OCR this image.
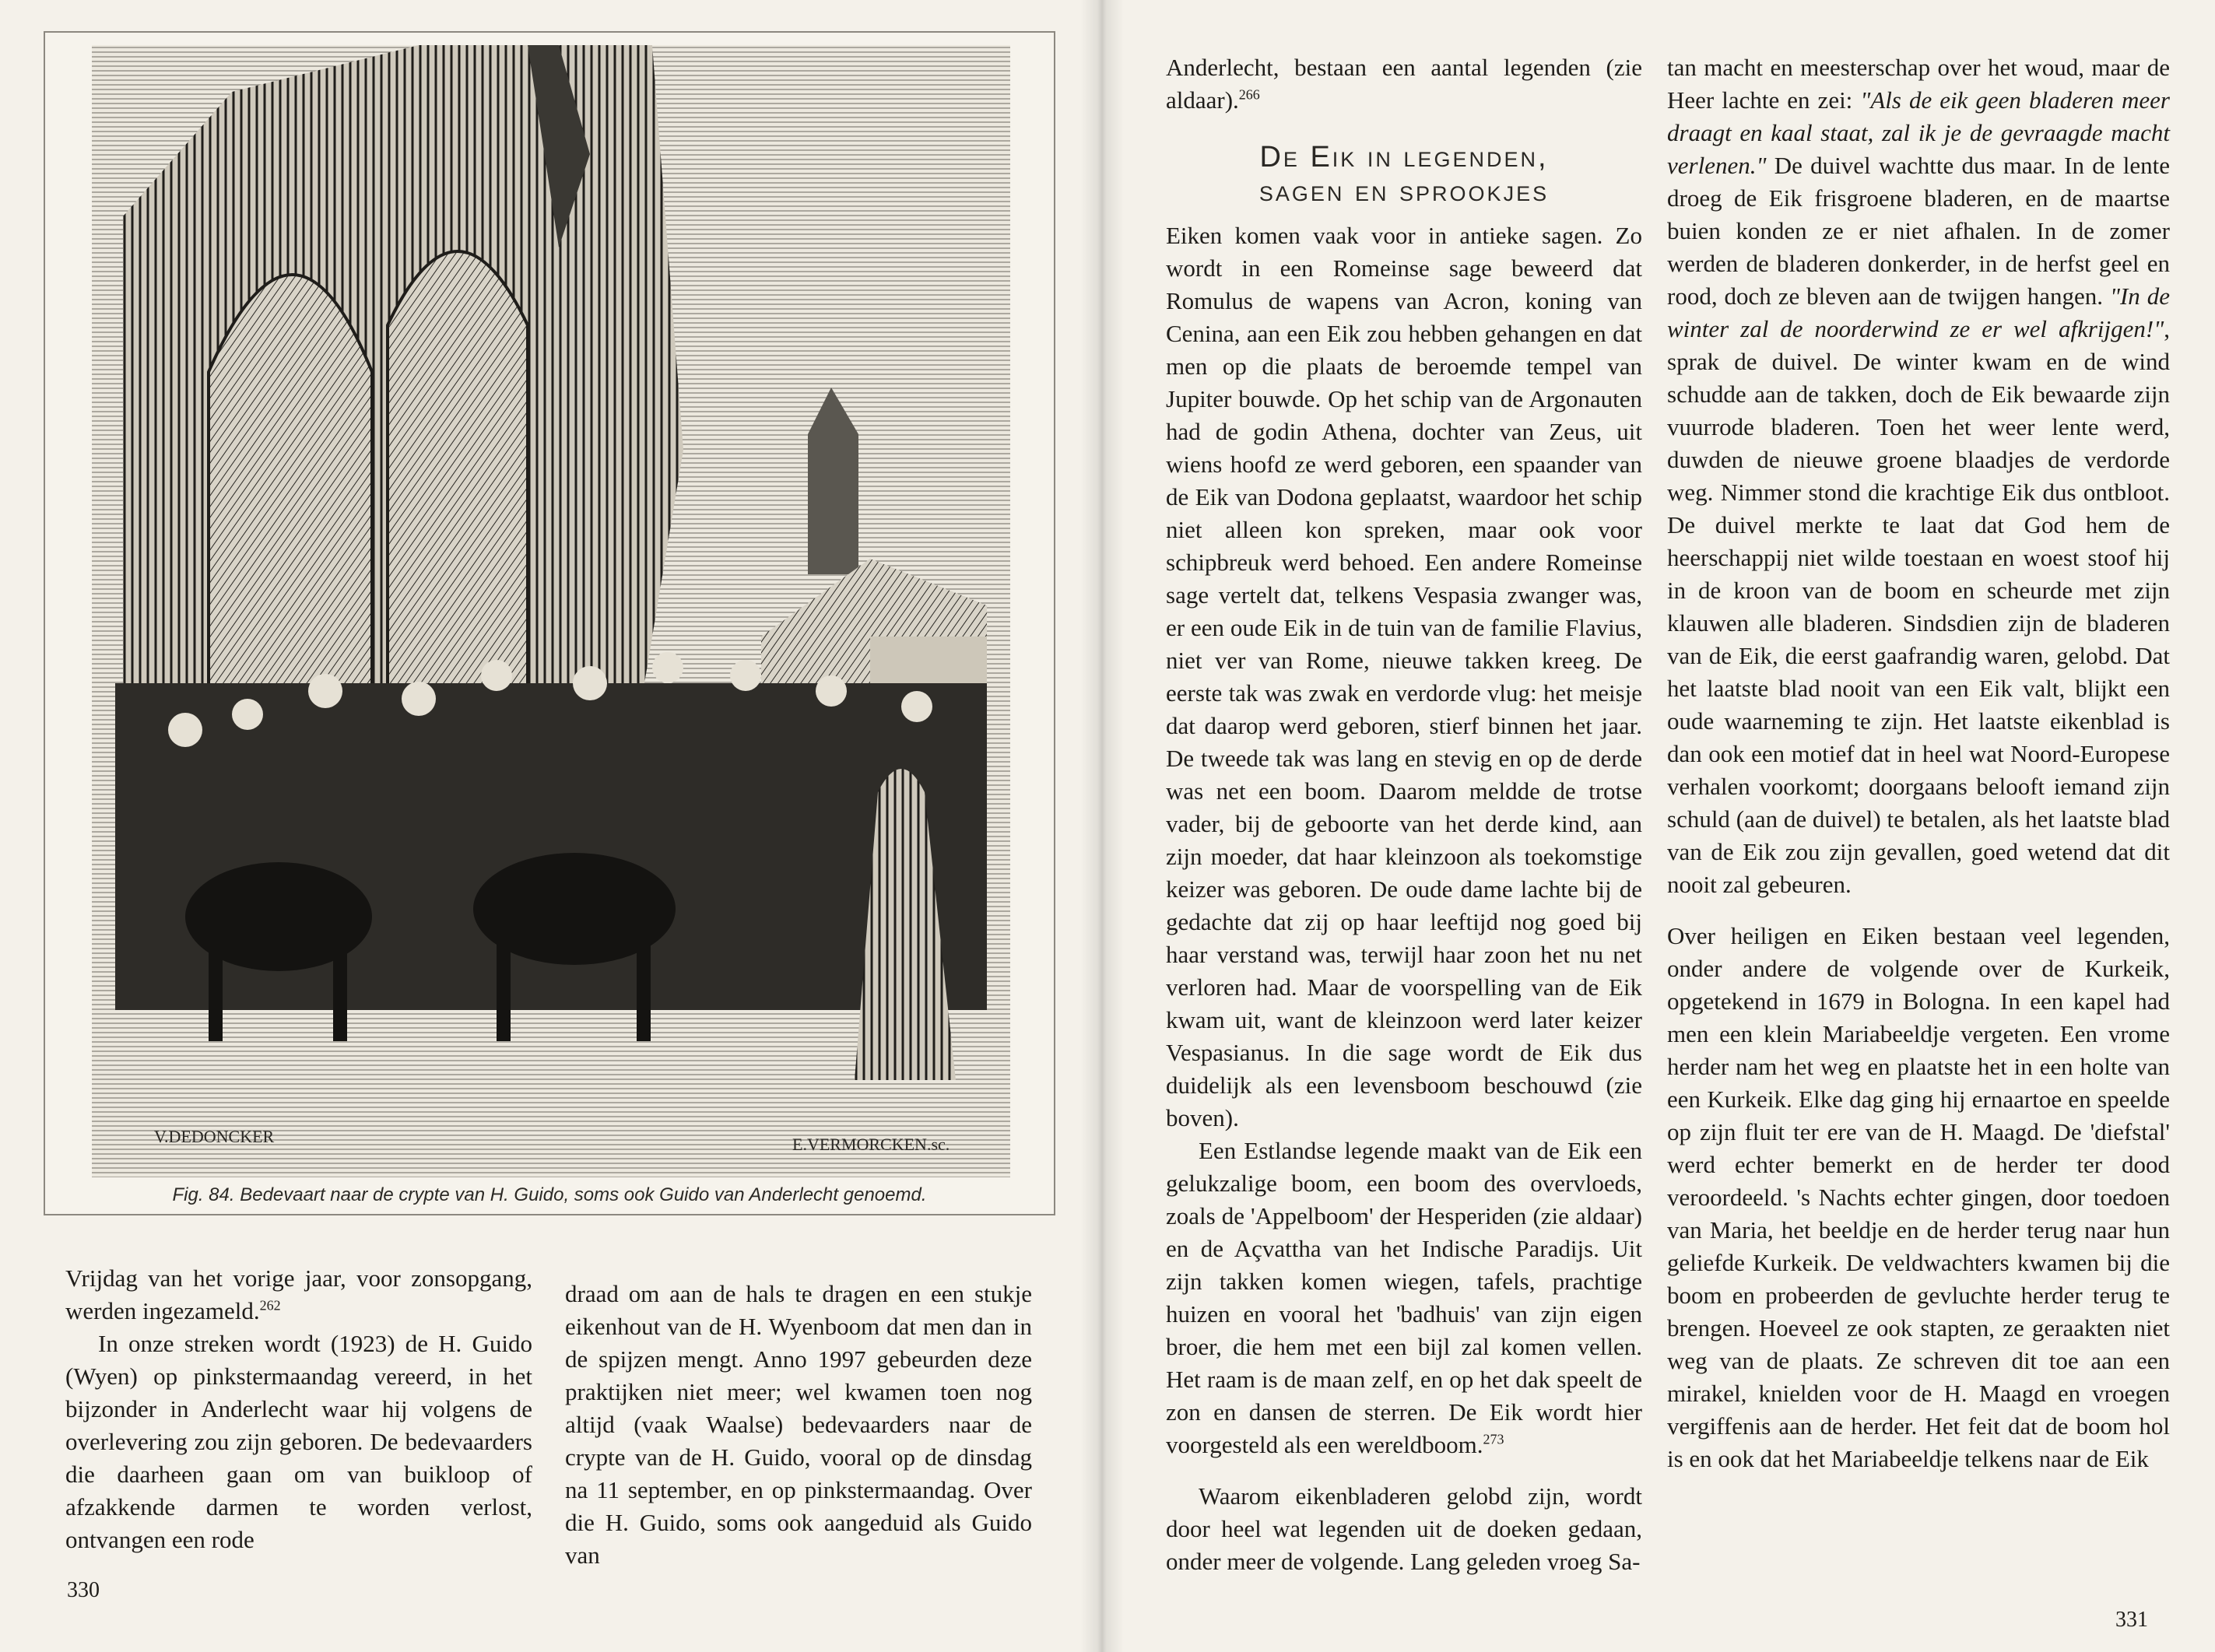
V.DEDONCKER	E.VERMORCKEN.sc.
Fig. 84. Bedevaart naar de crypte van H. Guido, soms ook Guido van Anderlecht genoemd.

Vrijdag van het vorige jaar, voor zonsopgang, werden ingezameld.$^{262}$

In onze streken wordt (1923) de H. Guido (Wyen) op pinkstermaandag vereerd, in het bijzonder in Anderlecht waar hij volgens de overlevering zou zijn geboren. De bedevaarders die daarheen gaan om van buikloop of afzakkende darmen te worden verlost, ontvangen een rode

draad om aan de hals te dragen en een stukje eikenhout van de H. Wyenboom dat men dan in de spijzen mengt. Anno 1997 gebeurden deze praktijken niet meer; wel kwamen toen nog altijd (vaak Waalse) bedevaarders naar de crypte van de H. Guido, vooral op de dinsdag na 11 september, en op pinkstermaandag. Over die H. Guido, soms ook aangeduid als Guido van

330

Anderlecht, bestaan een aantal legenden (zie aldaar).$^{266}$

De Eik in legenden,
sagen en sprookjes

Eiken komen vaak voor in antieke sagen. Zo wordt in een Romeinse sage beweerd dat Romulus de wapens van Acron, koning van Cenina, aan een Eik zou hebben gehangen en dat men op die plaats de beroemde tempel van Jupiter bouwde. Op het schip van de Argonauten had de godin Athena, dochter van Zeus, uit wiens hoofd ze werd geboren, een spaander van de Eik van Dodona geplaatst, waardoor het schip niet alleen kon spreken, maar ook voor schipbreuk werd behoed. Een andere Romeinse sage vertelt dat, telkens Vespasia zwanger was, er een oude Eik in de tuin van de familie Flavius, niet ver van Rome, nieuwe takken kreeg. De eerste tak was zwak en verdorde vlug: het meisje dat daarop werd geboren, stierf binnen het jaar. De tweede tak was lang en stevig en op de derde was net een boom. Daarom meldde de trotse vader, bij de geboorte van het derde kind, aan zijn moeder, dat haar kleinzoon als toekomstige keizer was geboren. De oude dame lachte bij de gedachte dat zij op haar leeftijd nog goed bij haar verstand was, terwijl haar zoon het nu net verloren had. Maar de voorspelling van de Eik kwam uit, want de kleinzoon werd later keizer Vespasianus. In die sage wordt de Eik dus duidelijk als een levensboom beschouwd (zie boven).

Een Estlandse legende maakt van de Eik een gelukzalige boom, een boom des overvloeds, zoals de 'Appelboom' der Hesperiden (zie aldaar) en de Açvattha van het Indische Paradijs. Uit zijn takken komen wiegen, tafels, prachtige huizen en vooral het 'badhuis' van zijn eigen broer, die hem met een bijl zal komen vellen. Het raam is de maan zelf, en op het dak speelt de zon en dansen de sterren. De Eik wordt hier voorgesteld als een wereldboom.$^{273}$

Waarom eikenbladeren gelobd zijn, wordt door heel wat legenden uit de doeken gedaan, onder meer de volgende. Lang geleden vroeg Sa-

tan macht en meesterschap over het woud, maar de Heer lachte en zei: "Als de eik geen bladeren meer draagt en kaal staat, zal ik je de gevraagde macht verlenen." De duivel wachtte dus maar. In de lente droeg de Eik frisgroene bladeren, en de maartse buien konden ze er niet afhalen. In de zomer werden de bladeren donkerder, in de herfst geel en rood, doch ze bleven aan de twijgen hangen. "In de winter zal de noorderwind ze er wel afkrijgen!", sprak de duivel. De winter kwam en de wind schudde aan de takken, doch de Eik bewaarde zijn vuurrode bladeren. Toen het weer lente werd, duwden de nieuwe groene blaadjes de verdorde weg. Nimmer stond die krachtige Eik dus ontbloot. De duivel merkte te laat dat God hem de heerschappij niet wilde toestaan en woest stoof hij in de kroon van de boom en scheurde met zijn klauwen alle bladeren. Sindsdien zijn de bladeren van de Eik, die eerst gaafrandig waren, gelobd. Dat het laatste blad nooit van een Eik valt, blijkt een oude waarneming te zijn. Het laatste eikenblad is dan ook een motief dat in heel wat Noord-Europese verhalen voorkomt; doorgaans belooft iemand zijn schuld (aan de duivel) te betalen, als het laatste blad van de Eik zou zijn gevallen, goed wetend dat dit nooit zal gebeuren.

Over heiligen en Eiken bestaan veel legenden, onder andere de volgende over de Kurkeik, opgetekend in 1679 in Bologna. In een kapel had men een klein Mariabeeldje vergeten. Een vrome herder nam het weg en plaatste het in een holte van een Kurkeik. Elke dag ging hij ernaartoe en speelde op zijn fluit ter ere van de H. Maagd. De 'diefstal' werd echter bemerkt en de herder ter dood veroordeeld. 's Nachts echter gingen, door toedoen van Maria, het beeldje en de herder terug naar hun geliefde Kurkeik. De veldwachters kwamen bij die boom en probeerden de gevluchte herder terug te brengen. Hoeveel ze ook stapten, ze geraakten niet weg van de plaats. Ze schreven dit toe aan een mirakel, knielden voor de H. Maagd en vroegen vergiffenis aan de herder. Het feit dat de boom hol is en ook dat het Mariabeeldje telkens naar de Eik

331
